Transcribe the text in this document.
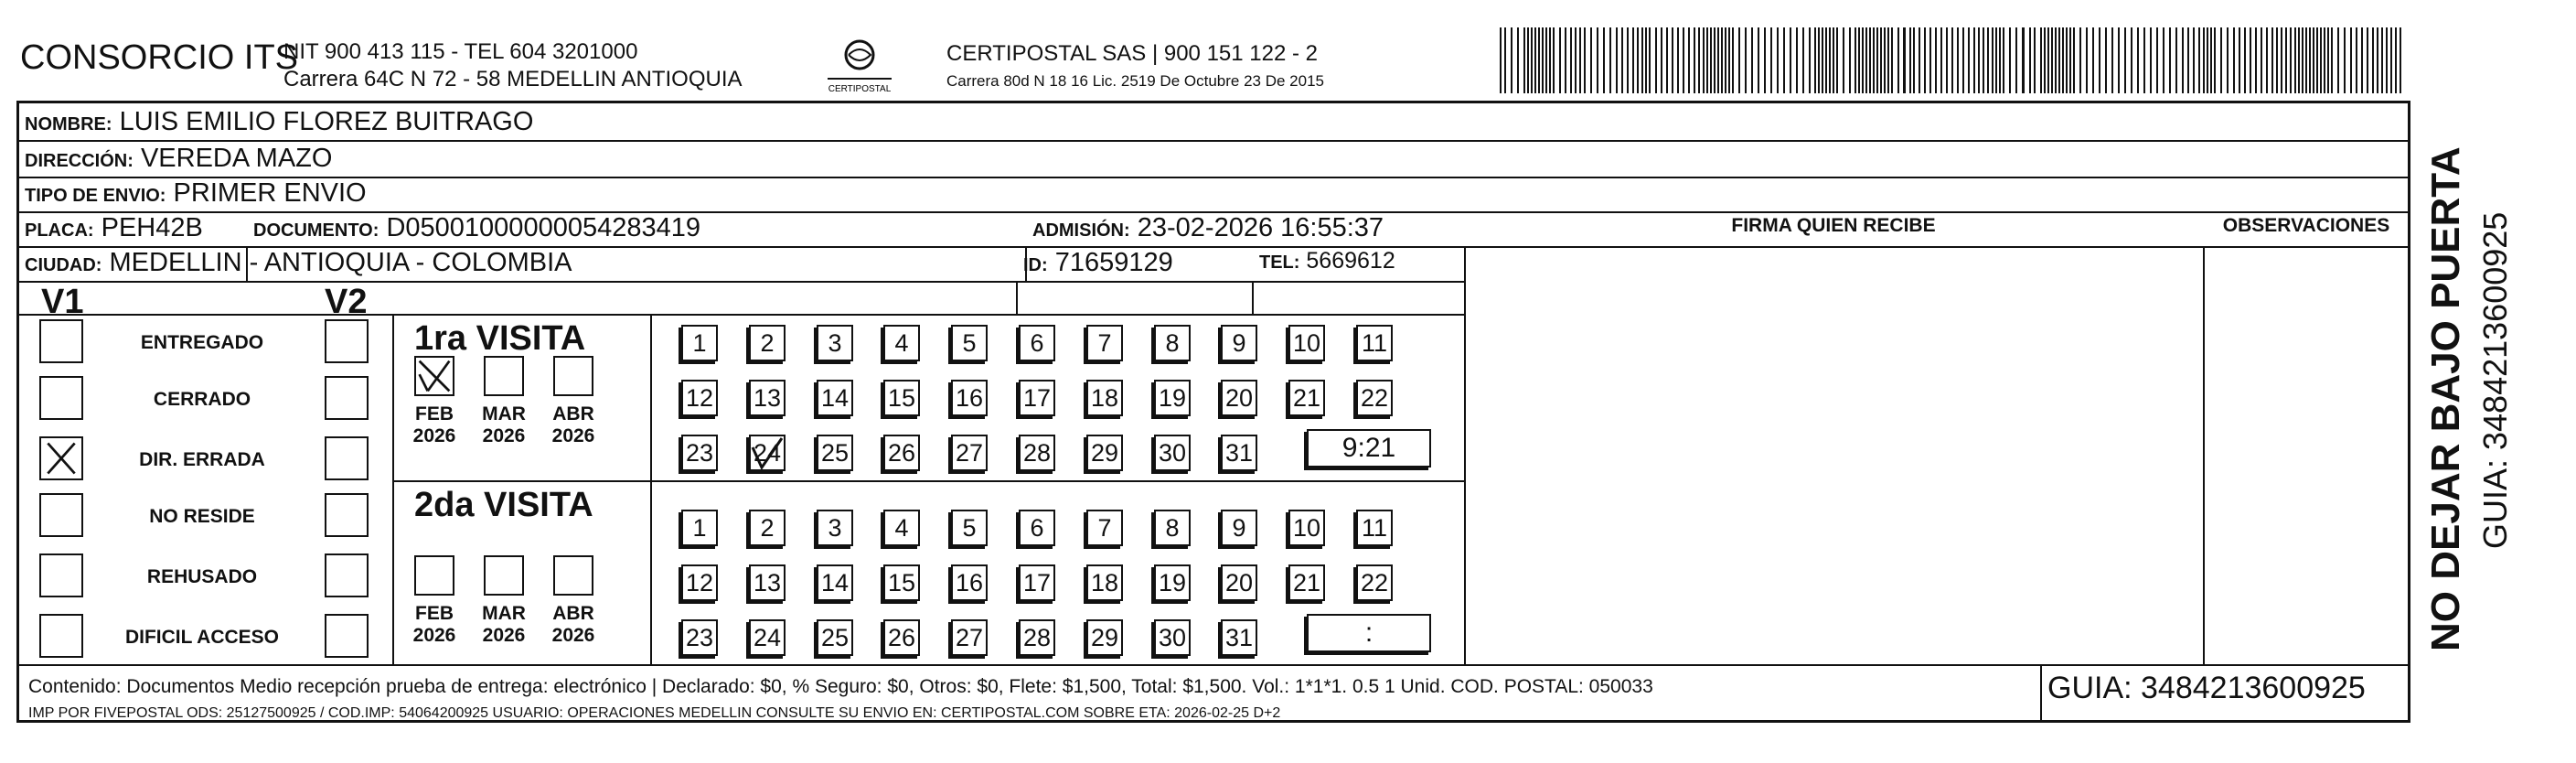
CONSORCIO ITS
NIT 900 413 115 - TEL 604 3201000
Carrera 64C N 72 - 58 MEDELLIN ANTIOQUIA	CERTIPOSTAL
CERTIPOSTAL SAS | 900 151 122 - 2
Carrera 80d N 18 16 Lic. 2519 De Octubre 23 De 2015
NOMBRE: LUIS EMILIO FLOREZ BUITRAGO
DIRECCIÓN: VEREDA MAZO
TIPO DE ENVIO: PRIMER ENVIO
FIRMA QUIEN RECIBE	OBSERVACIONES
PLACA: PEH42B	DOCUMENTO: D05001000000054283419	ADMISIÓN: 23-02-2026 16:55:37
CIUDAD: MEDELLIN - ANTIOQUIA - COLOMBIA	ID: 71659129	TEL: 5669612
V1	V2
ENTREGADO
CERRADO
DIR. ERRADA
NO RESIDE
REHUSADO
DIFICIL ACCESO
1ra VISITA
FEB
2026
MAR
2026
ABR
2026
1	2	3	4	5	6	7	8	9	10 11
12 13 14 15 16 17 18 19 20 21 22
23 24 25 26 27 28 29 30 31	9:21
2da VISITA
FEB
2026
MAR
2026
ABR
2026
1	2	3	4	5	6	7	8	9	10 11
12 13 14 15 16 17 18 19 20 21 22
23 24 25 26 27 28 29 30 31	:
Contenido: Documentos Medio recepción prueba de entrega: electrónico | Declarado: $0, % Seguro: $0, Otros: $0, Flete: $1,500, Total: $1,500. Vol.: 1*1*1. 0.5 1 Unid. COD. POSTAL: 050033
IMP POR FIVEPOSTAL ODS: 25127500925 / COD.IMP: 54064200925 USUARIO: OPERACIONES MEDELLIN CONSULTE SU ENVIO EN: CERTIPOSTAL.COM SOBRE ETA: 2026-02-25 D+2
GUIA: 3484213600925
NO DEJAR BAJO PUERTA GUIA: 3484213600925
